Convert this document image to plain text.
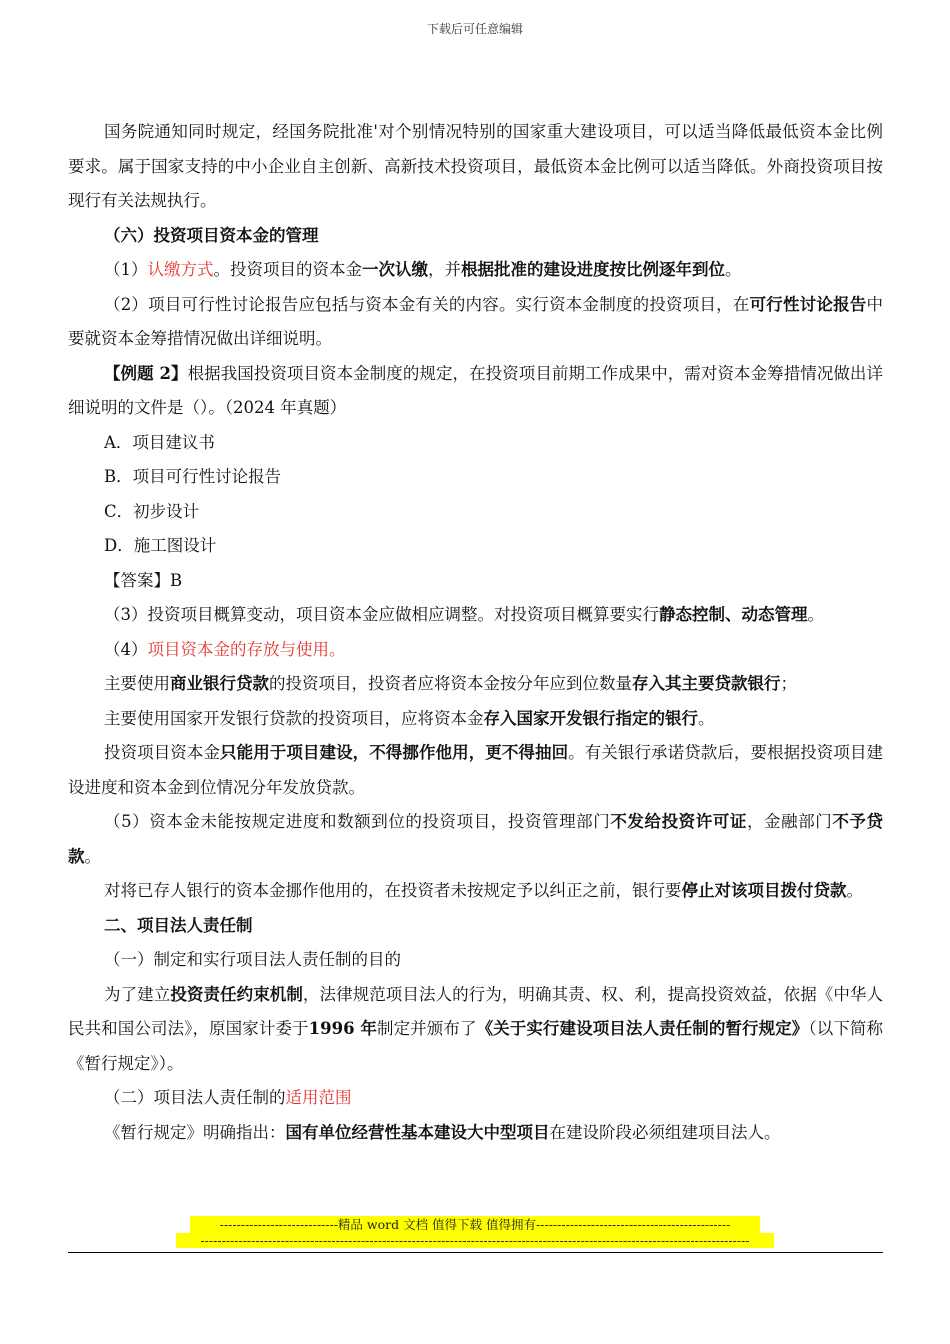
下载后可任意编辑
国务院通知同时规定，经国务院批准'对个别情况特别的国家重大建设项目，可以适当降低最低资本金比例要求。属于国家支持的中小企业自主创新、高新技术投资项目，最低资本金比例可以适当降低。外商投资项目按现行有关法规执行。
（六）投资项目资本金的管理
（1）认缴方式。投资项目的资本金一次认缴，并根据批准的建设进度按比例逐年到位。
（2）项目可行性讨论报告应包括与资本金有关的内容。实行资本金制度的投资项目，在可行性讨论报告中要就资本金筹措情况做出详细说明。
【例题 2】根据我国投资项目资本金制度的规定，在投资项目前期工作成果中，需对资本金筹措情况做出详细说明的文件是（）。（2024 年真题）
A．项目建议书
B．项目可行性讨论报告
C．初步设计
D．施工图设计
【答案】B
（3）投资项目概算变动，项目资本金应做相应调整。对投资项目概算要实行静态控制、动态管理。
（4）项目资本金的存放与使用。
主要使用商业银行贷款的投资项目，投资者应将资本金按分年应到位数量存入其主要贷款银行；
主要使用国家开发银行贷款的投资项目，应将资本金存入国家开发银行指定的银行。
投资项目资本金只能用于项目建设，不得挪作他用，更不得抽回。有关银行承诺贷款后，要根据投资项目建设进度和资本金到位情况分年发放贷款。
（5）资本金未能按规定进度和数额到位的投资项目，投资管理部门不发给投资许可证，金融部门不予贷款。
对将已存人银行的资本金挪作他用的，在投资者未按规定予以纠正之前，银行要停止对该项目拨付贷款。
二、项目法人责任制
（一）制定和实行项目法人责任制的目的
为了建立投资责任约束机制，法律规范项目法人的行为，明确其责、权、利，提高投资效益，依据《中华人民共和国公司法》，原国家计委于1996 年制定并颁布了《关于实行建设项目法人责任制的暂行规定》（以下简称《暂行规定》）。
（二）项目法人责任制的适用范围
《暂行规定》明确指出：国有单位经营性基本建设大中型项目在建设阶段必须组建项目法人。
----------------------------精品 word 文档 值得下载 值得拥有----------------------------------------------
----------------------------------------------------------------------------------------------------------------------------------
